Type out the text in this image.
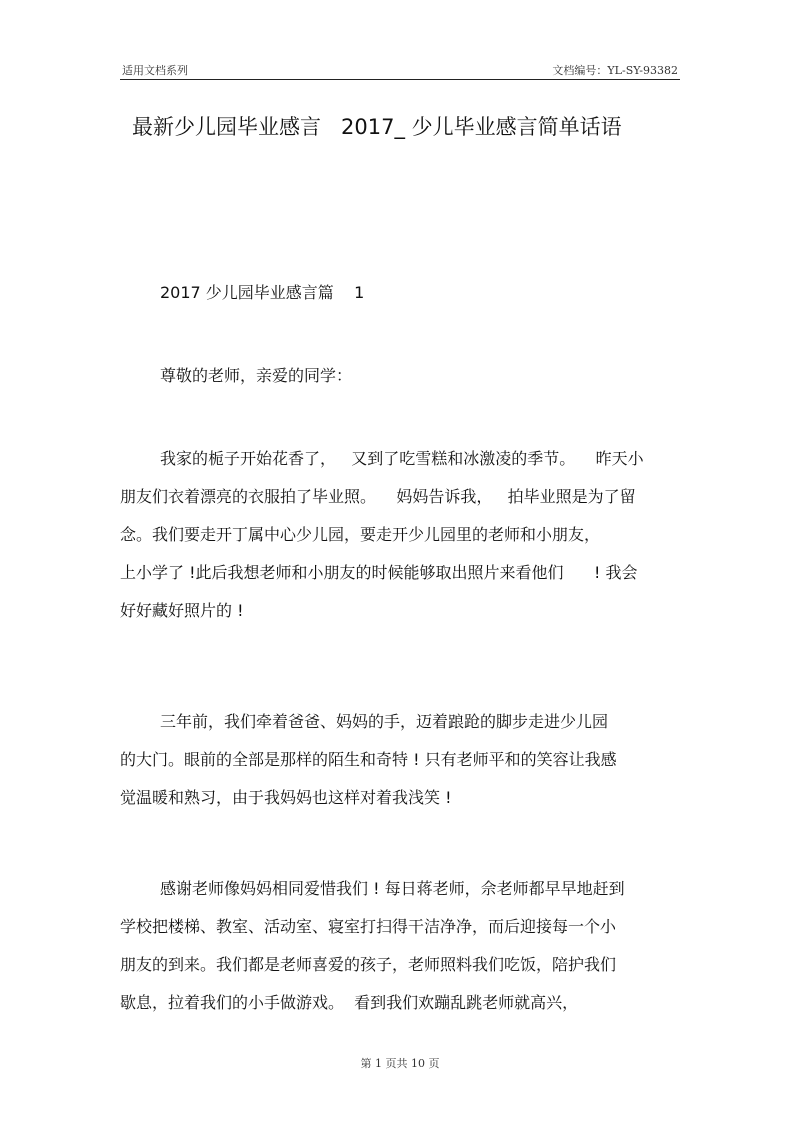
适用文档系列	文档编号：YL-SY-93382
最新少儿园毕业感言   2017_ 少儿毕业感言简单话语
2017 少儿园毕业感言篇    1
尊敬的老师，亲爱的同学：
我家的栀子开始花香了，   又到了吃雪糕和冰激凌的季节。    昨天小
朋友们衣着漂亮的衣服拍了毕业照。    妈妈告诉我，   拍毕业照是为了留
念。我们要走开丁属中心少儿园，要走开少儿园里的老师和小朋友，
上小学了 !此后我想老师和小朋友的时候能够取出照片来看他们      ! 我会
好好藏好照片的 !
三年前，我们牵着爸爸、妈妈的手，迈着踉跄的脚步走进少儿园
的大门。眼前的全部是那样的陌生和奇特 ! 只有老师平和的笑容让我感
觉温暖和熟习，由于我妈妈也这样对着我浅笑 !
感谢老师像妈妈相同爱惜我们 ! 每日蒋老师，佘老师都早早地赶到
学校把楼梯、教室、活动室、寝室打扫得干洁净净，而后迎接每一个小
朋友的到来。我们都是老师喜爱的孩子，老师照料我们吃饭，陪护我们
歇息，拉着我们的小手做游戏。  看到我们欢蹦乱跳老师就高兴，
第 1 页共 10 页
